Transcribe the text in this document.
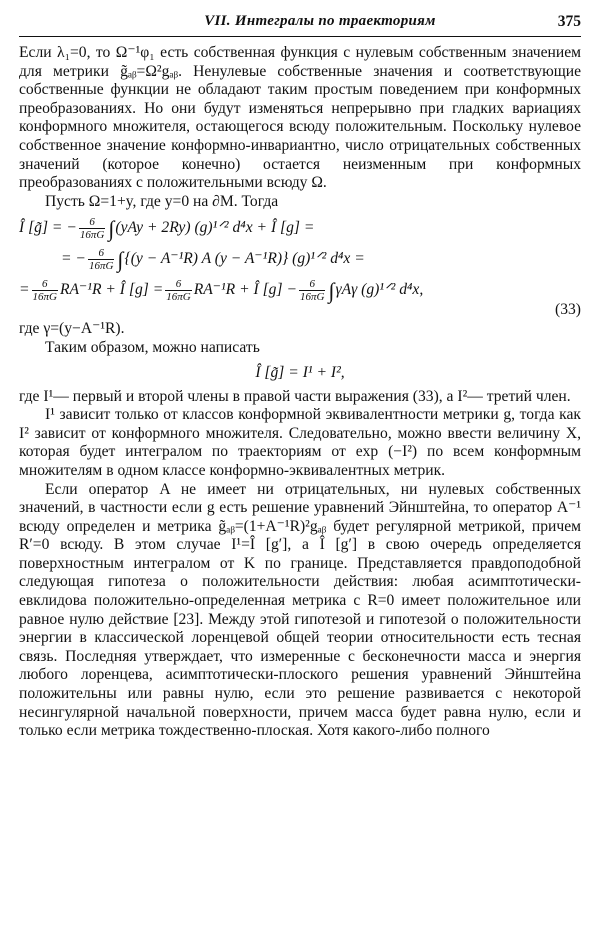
VII. Интегралы по траекториям	375

Если λ₁=0, то Ω⁻¹φ₁ есть собственная функция с нулевым собственным значением для метрики g̃ₐᵦ=Ω²gₐᵦ. Ненулевые собственные значения и соответствующие собственные функции не обладают таким простым поведением при конформных преобразованиях. Но они будут изменяться непрерывно при гладких вариациях конформного множителя, остающегося всюду положительным. Поскольку нулевое собственное значение конформно-инвариантно, число отрицательных собственных значений (которое конечно) остается неизменным при конформных преобразованиях с положительными всюду Ω.

Пусть Ω=1+y, где y=0 на ∂M. Тогда

Î [g̃] = − $\frac{6}{16\pi G} \int(yAy + 2Ry)$ (g)¹ᐟ² d⁴x + Î [g] =
= − $\frac{6}{16\pi G} \int\{(y - A^{-1}R)$ A (y − A⁻¹R)} (g)¹ᐟ² d⁴x =
= $\frac{6}{16\pi G} RA^{-1}R$ + Î $[g] = \frac{6}{16\pi G} RA^{-1}R$ + Î $[g] - \frac{6}{16\pi G} \int\gamma A\gamma$ (g)¹ᐟ² d⁴x,
(33)

где γ=(y−A⁻¹R).

Таким образом, можно написать

Î [g̃] = I¹ + I²,

где I¹— первый и второй члены в правой части выражения (33), а I²— третий член.

I¹ зависит только от классов конформной эквивалентности метрики g, тогда как I² зависит от конформного множителя. Следовательно, можно ввести величину X, которая будет интегралом по траекториям от exp (−I²) по всем конформным множителям в одном классе конформно-эквивалентных метрик.

Если оператор A не имеет ни отрицательных, ни нулевых собственных значений, в частности если g есть решение уравнений Эйнштейна, то оператор A⁻¹ всюду определен и метрика g̃ₐᵦ=(1+A⁻¹R)²gₐᵦ будет регулярной метрикой, причем R′=0 всюду. В этом случае I¹=Î [g′], а Î [g′] в свою очередь определяется поверхностным интегралом от K по границе. Представляется правдоподобной следующая гипотеза о положительности действия: любая асимптотически-евклидова положительно-определенная метрика с R=0 имеет положительное или равное нулю действие [23]. Между этой гипотезой и гипотезой о положительности энергии в классической лоренцевой общей теории относительности есть тесная связь. Последняя утверждает, что измеренные с бесконечности масса и энергия любого лоренцева, асимптотически-плоского решения уравнений Эйнштейна положительны или равны нулю, если это решение развивается с некоторой несингулярной начальной поверхности, причем масса будет равна нулю, если и только если метрика тождественно-плоская. Хотя какого-либо полного
